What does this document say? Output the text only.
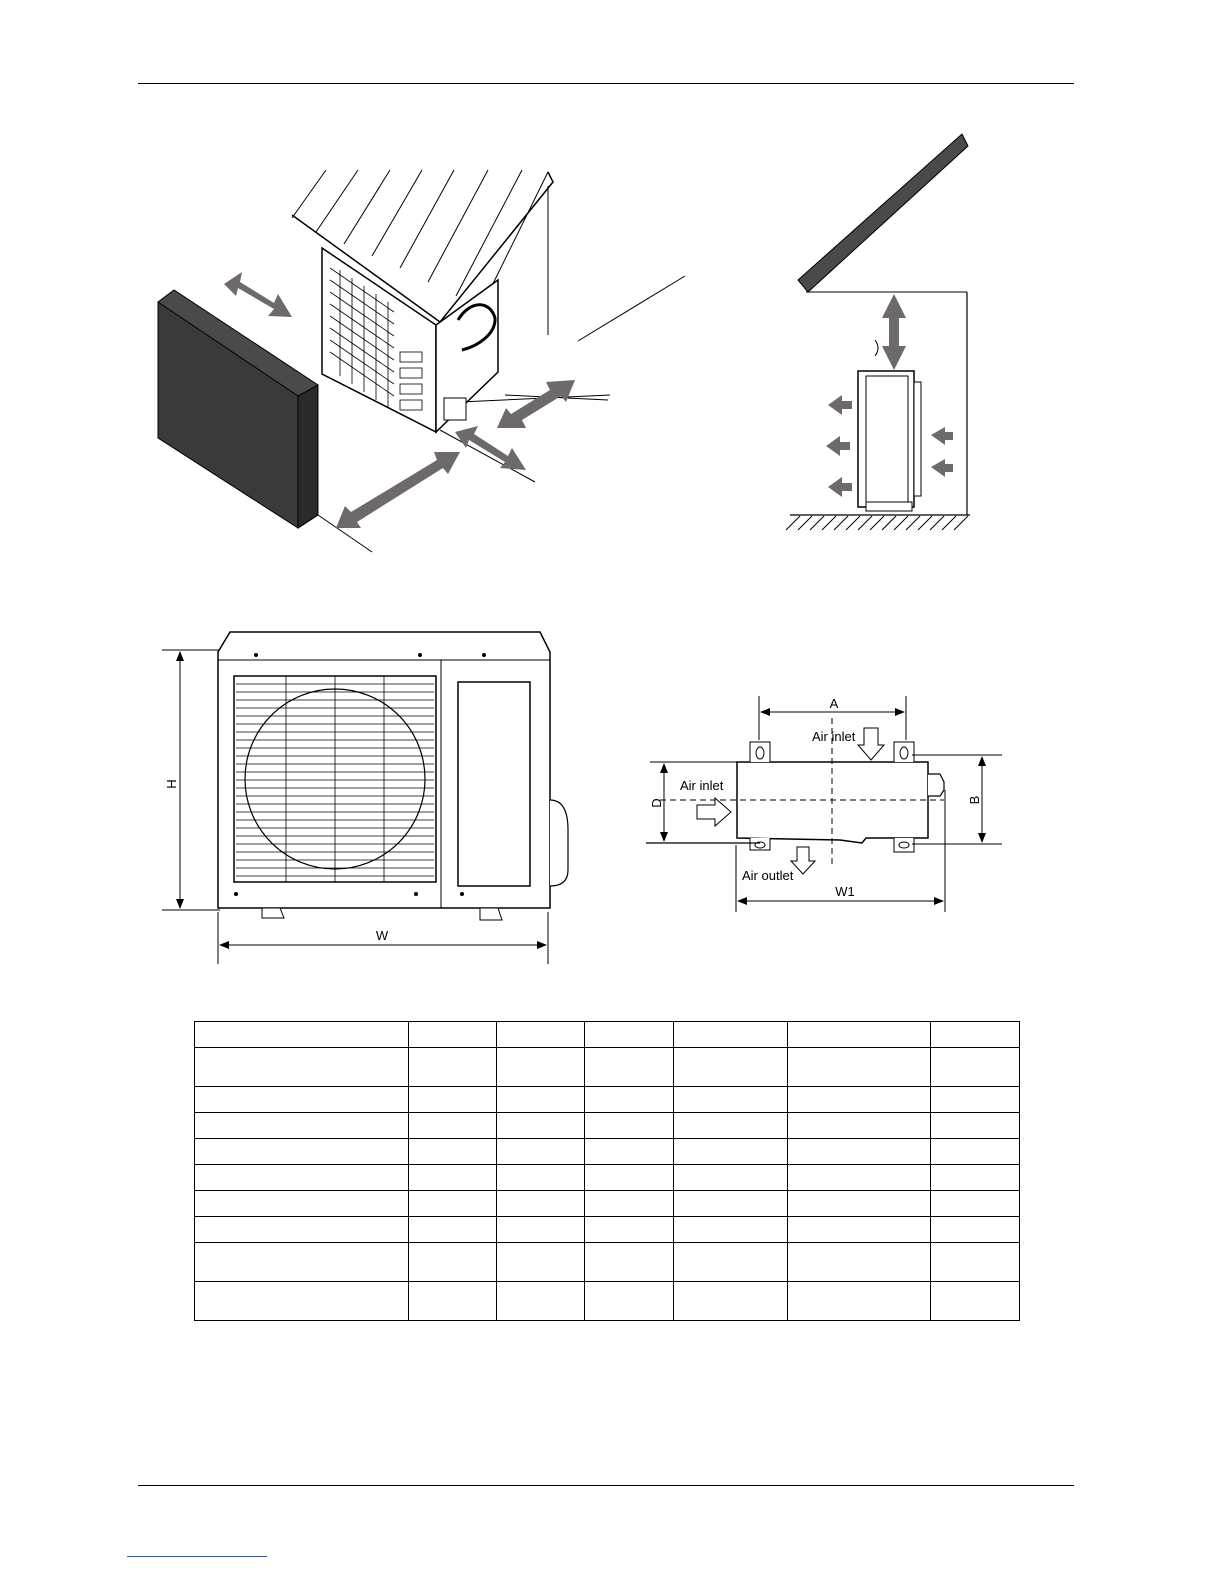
H
W
A
D	B
W1
Air inlet
Air inlet
Air outlet
